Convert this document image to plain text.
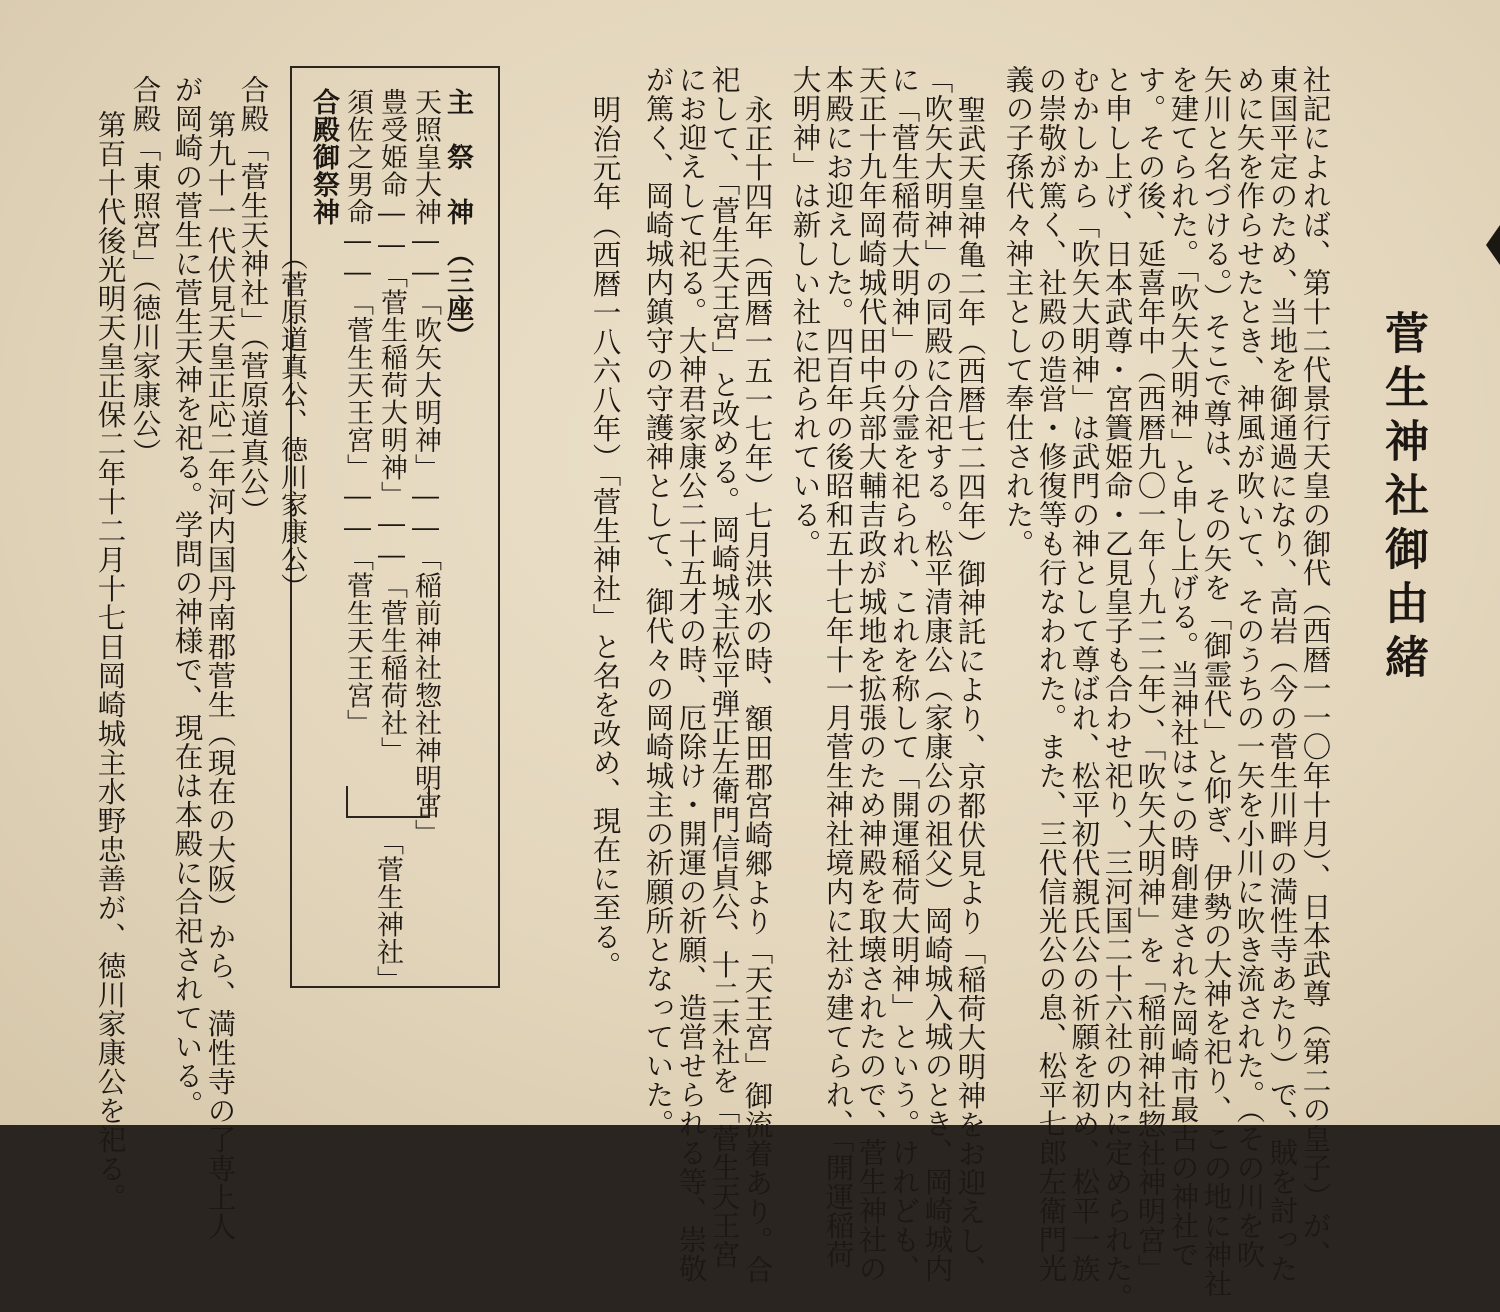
菅生神社御由緒
社記によれば、第十二代景行天皇の御代（西暦一一〇年十月）、日本武尊（第二の皇子）が、
東国平定のため、当地を御通過になり、高岩（今の菅生川畔の満性寺あたり）で、賊を討った
めに矢を作らせたとき、神風が吹いて、そのうちの一矢を小川に吹き流された。（その川を吹
矢川と名づける。）そこで尊は、その矢を「御霊代」と仰ぎ、伊勢の大神を祀り、この地に神社
を建てられた。「吹矢大明神」と申し上げる。当神社はこの時創建された岡崎市最古の神社で
す。その後、延喜年中（西暦九〇一年〜九二二年）、「吹矢大明神」を「稲前神社惣社神明宮」
と申し上げ、日本武尊・宮簀姫命・乙見皇子も合わせ祀り、三河国二十六社の内に定められた。
むかしから「吹矢大明神」は武門の神として尊ばれ、松平初代親氏公の祈願を初め、松平一族
の崇敬が篤く、社殿の造営・修復等も行なわれた。また、三代信光公の息、松平七郎左衛門光
義の子孫代々神主として奉仕された。
聖武天皇神亀二年（西暦七二四年）御神託により、京都伏見より「稲荷大明神をお迎えし、
「吹矢大明神」の同殿に合祀する。松平清康公（家康公の祖父）岡崎城入城のとき、岡崎城内
に「菅生稲荷大明神」の分霊を祀られ、これを称して「開運稲荷大明神」という。けれども、
天正十九年岡崎城代田中兵部大輔吉政が城地を拡張のため神殿を取壊されたので、菅生神社の
本殿にお迎えした。四百年の後昭和五十七年十一月菅生神社境内に社が建てられ、「開運稲荷
大明神」は新しい社に祀られている。
永正十四年（西暦一五一七年）七月洪水の時、額田郡宮崎郷より「天王宮」御流着あり。合
祀して、「菅生天王宮」と改める。岡崎城主松平弾正左衛門信貞公、十二末社を「菅生天王宮
にお迎えして祀る。大神君家康公二十五才の時、厄除け・開運の祈願、造営せられる等、崇敬
が篤く、岡崎城内鎮守の守護神として、御代々の岡崎城主の祈願所となっていた。
明治元年（西暦一八六八年）「菅生神社」と名を改め、現在に至る。
主　祭　神　（三座）
天照皇大神――「吹矢大明神」――「稲前神社惣社神明宮」
豊受姫命――「菅生稲荷大明神」――「菅生稲荷社」
須佐之男命――「菅生天王宮」――「菅生天王宮」
「菅生神社」
合殿御祭神
（菅原道真公、徳川家康公）
合殿「菅生天神社」（菅原道真公）
第九十一代伏見天皇正応二年河内国丹南郡菅生（現在の大阪）から、満性寺の了専上人
が岡崎の菅生に菅生天神を祀る。学問の神様で、現在は本殿に合祀されている。
合殿「東照宮」（徳川家康公）
第百十代後光明天皇正保二年十二月十七日岡崎城主水野忠善が、徳川家康公を祀る。
